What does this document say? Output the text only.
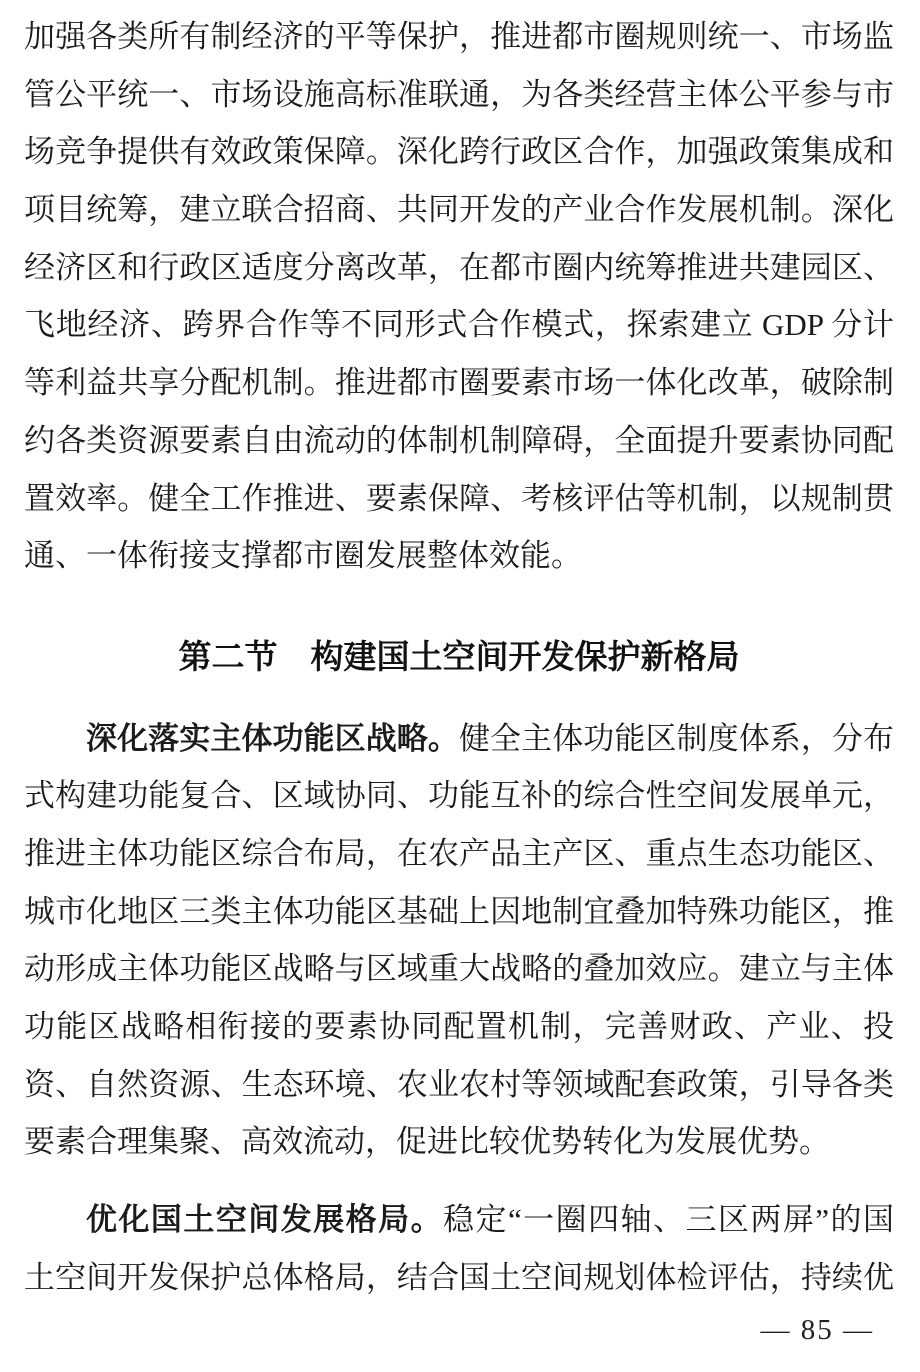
加强各类所有制经济的平等保护，推进都市圈规则统一、市场监
管公平统一、市场设施高标准联通，为各类经营主体公平参与市
场竞争提供有效政策保障。深化跨行政区合作，加强政策集成和
项目统筹，建立联合招商、共同开发的产业合作发展机制。深化
经济区和行政区适度分离改革，在都市圈内统筹推进共建园区、
飞地经济、跨界合作等不同形式合作模式，探索建立 GDP 分计
等利益共享分配机制。推进都市圈要素市场一体化改革，破除制
约各类资源要素自由流动的体制机制障碍，全面提升要素协同配
置效率。健全工作推进、要素保障、考核评估等机制，以规制贯
通、一体衔接支撑都市圈发展整体效能。
第二节　构建国土空间开发保护新格局
深化落实主体功能区战略。健全主体功能区制度体系，分布
式构建功能复合、区域协同、功能互补的综合性空间发展单元，
推进主体功能区综合布局，在农产品主产区、重点生态功能区、
城市化地区三类主体功能区基础上因地制宜叠加特殊功能区，推
动形成主体功能区战略与区域重大战略的叠加效应。建立与主体
功能区战略相衔接的要素协同配置机制，完善财政、产业、投
资、自然资源、生态环境、农业农村等领域配套政策，引导各类
要素合理集聚、高效流动，促进比较优势转化为发展优势。
优化国土空间发展格局。稳定“一圈四轴、三区两屏”的国
土空间开发保护总体格局，结合国土空间规划体检评估，持续优
— 85 —
